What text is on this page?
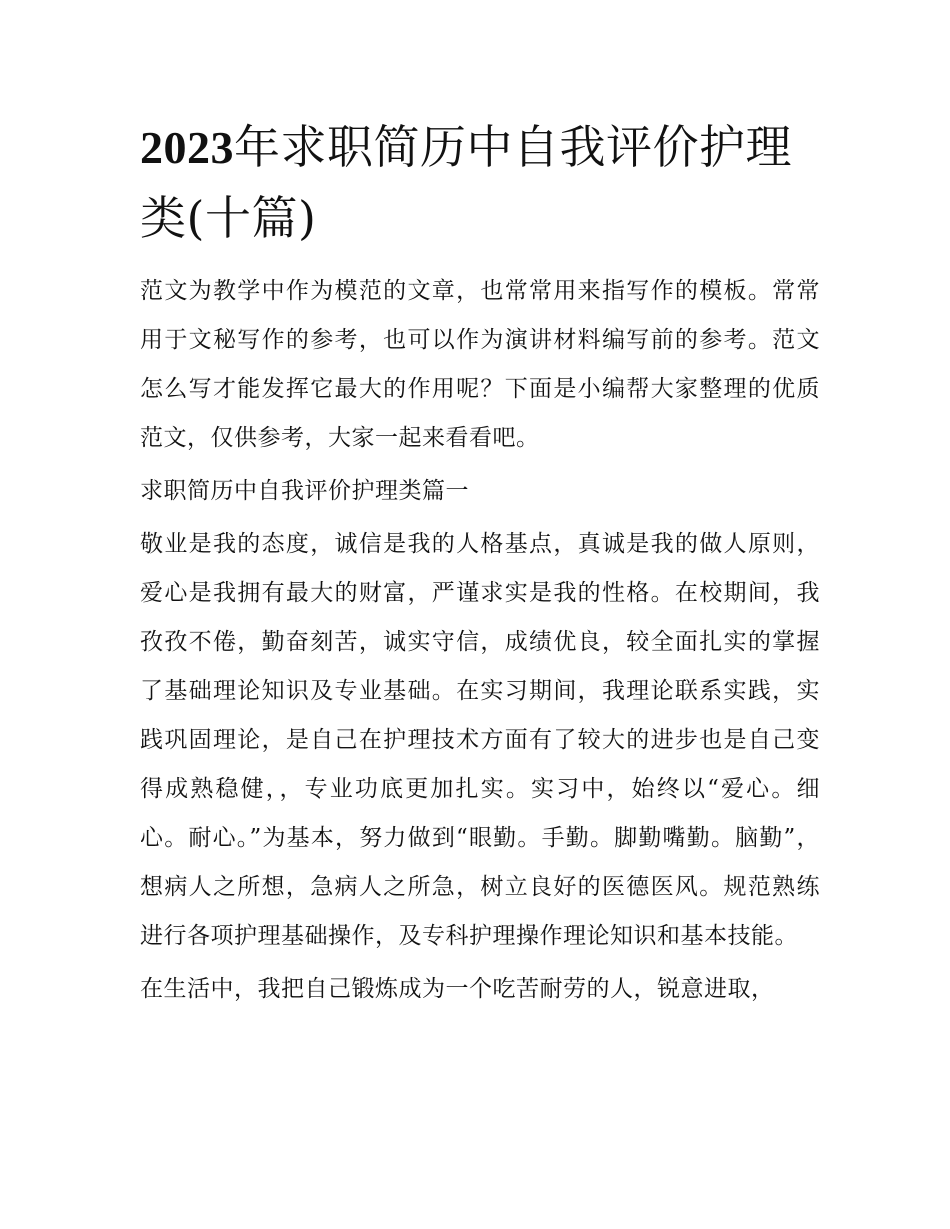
2023年求职简历中自我评价护理类(十篇)

范文为教学中作为模范的文章，也常常用来指写作的模板。常常用于文秘写作的参考，也可以作为演讲材料编写前的参考。范文怎么写才能发挥它最大的作用呢？下面是小编帮大家整理的优质范文，仅供参考，大家一起来看看吧。

求职简历中自我评价护理类篇一

敬业是我的态度，诚信是我的人格基点，真诚是我的做人原则，爱心是我拥有最大的财富，严谨求实是我的性格。在校期间，我孜孜不倦，勤奋刻苦，诚实守信，成绩优良，较全面扎实的掌握了基础理论知识及专业基础。在实习期间，我理论联系实践，实践巩固理论，是自己在护理技术方面有了较大的进步也是自己变得成熟稳健，，专业功底更加扎实。实习中，始终以“爱心。细心。耐心。”为基本，努力做到“眼勤。手勤。脚勤嘴勤。脑勤”，想病人之所想，急病人之所急，树立良好的医德医风。规范熟练进行各项护理基础操作，及专科护理操作理论知识和基本技能。

在生活中，我把自己锻炼成为一个吃苦耐劳的人，锐意进取，
